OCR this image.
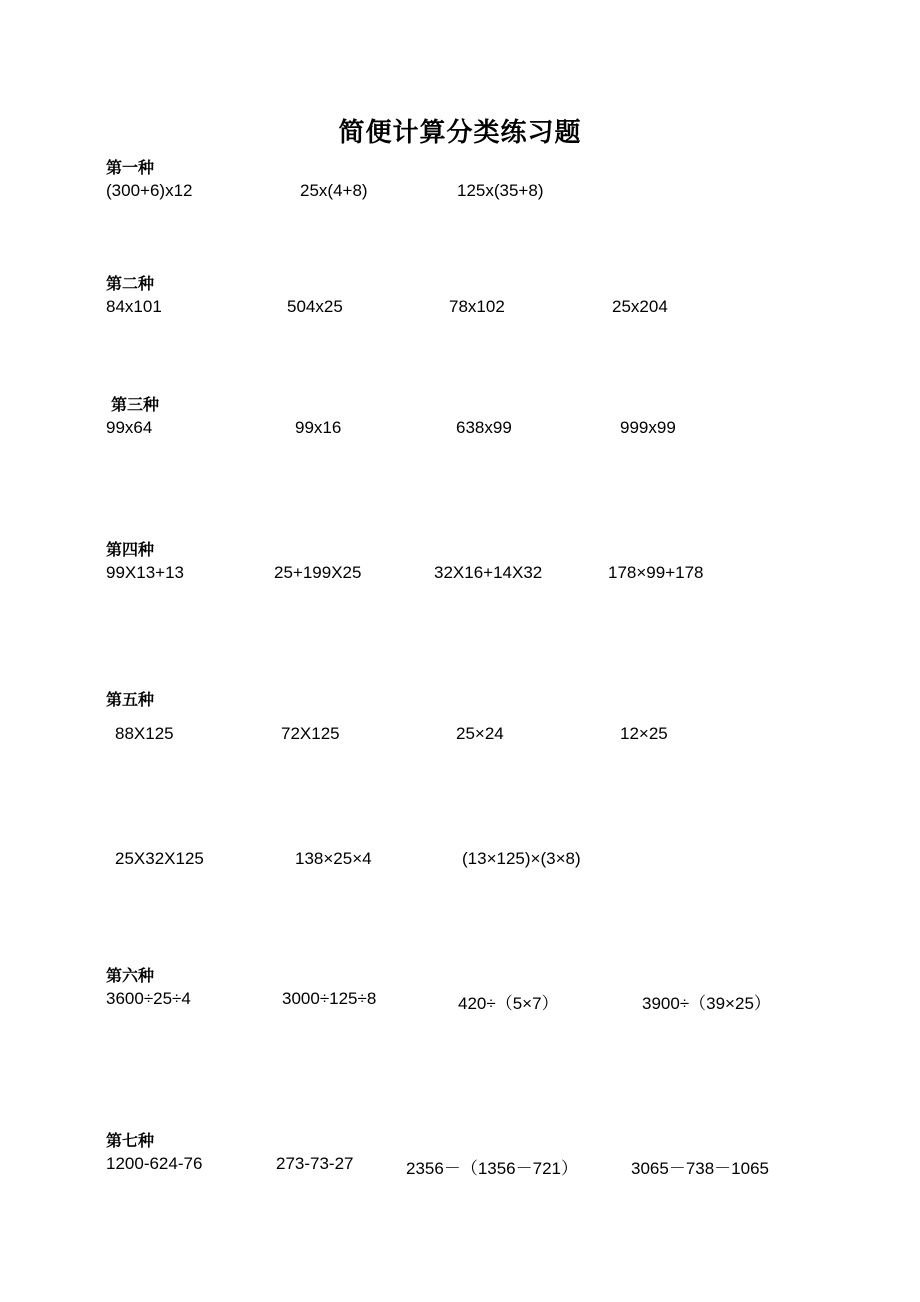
简便计算分类练习题
第一种
(300+6)x12	25x(4+8)	125x(35+8)
第二种
84x101	504x25	78x102	25x204
第三种
99x64	99x16	638x99	999x99
第四种
99X13+13	25+199X25	32X16+14X32	178×99+178
第五种
88X125	72X125	25×24	12×25
25X32X125	138×25×4	(13×125)×(3×8)
第六种
3600÷25÷4	3000÷125÷8	420÷（5×7）	3900÷（39×25）
第七种
1200-624-76	273-73-27	2356－（1356－721）	3065－738－1065
